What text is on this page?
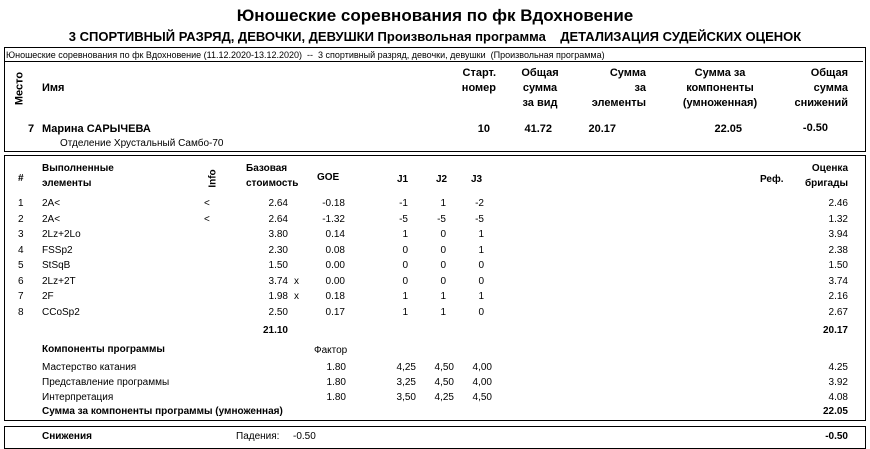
Юношеские соревнования по фк Вдохновение
3 СПОРТИВНЫЙ РАЗРЯД, ДЕВОЧКИ, ДЕВУШКИ Произвольная программа    ДЕТАЛИЗАЦИЯ СУДЕЙСКИХ ОЦЕНОК
Юношеские соревнования по фк Вдохновение (11.12.2020-13.12.2020)  --  3 спортивный разряд, девочки, девушки  (Произвольная программа)
Место Имя
Старт.
номер
Общая
сумма
за вид
Сумма
за
элементы
Сумма за
компоненты
(умноженная)
Общая
сумма
снижений
7 Марина САРЫЧЕВА
Отделение Хрустальный Самбо-70
10	41.72	20.17	22.05	-0.50
#
Выполненные
элементы	Info
Базовая
стоимость
GOE	J1	J2 J3	Реф.
Оценка
бригады
1	2A<	<	2.64	-0.18	-1	1	-2	2.46
2	2A<	<	2.64	-1.32	-5	-5	-5	1.32
3	2Lz+2Lo	3.80	0.14	1	0	1	3.94
4	FSSp2	2.30	0.08	0	0	1	2.38
5	StSqB	1.50	0.00	0	0	0	1.50
6	2Lz+2T	3.74 x	0.00	0	0	0	3.74
7	2F	1.98 x	0.18	1	1	1	2.16
8	CCoSp2	2.50	0.17	1	1	0	2.67
21.10	20.17
Компоненты программы	Фактор
Мастерство катания	1.80	4,25	4,50	4,00	4.25
Представление программы	1.80	3,25	4,50	4,00	3.92
Интерпретация	1.80	3,50	4,25	4,50	4.08
Сумма за компоненты программы (умноженная)	22.05
Снижения	Падения: -0.50	-0.50
